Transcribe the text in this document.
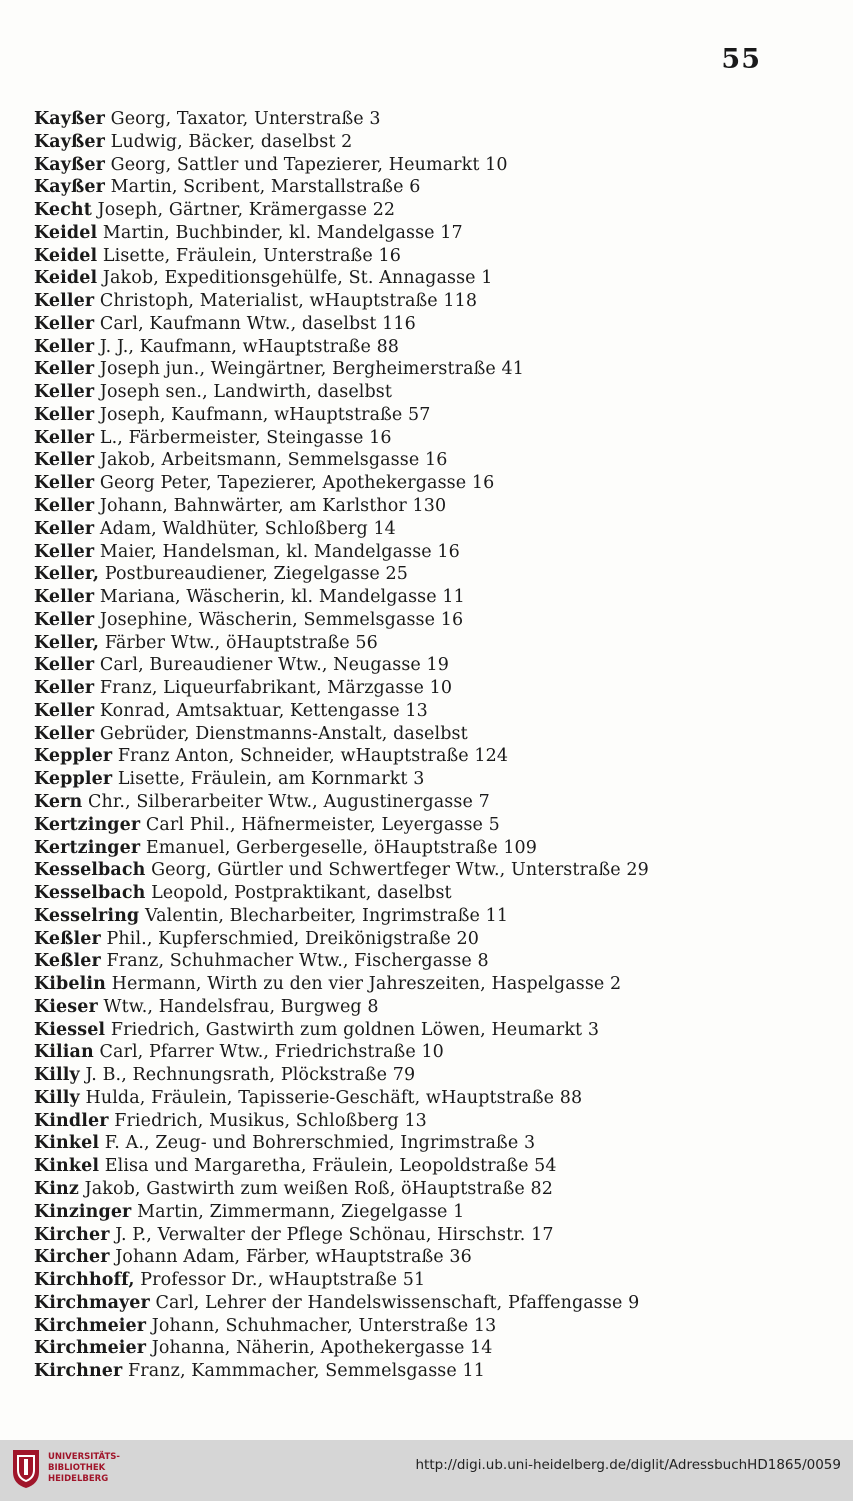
55
Kayßer Georg, Taxator, Unterstraße 3
Kayßer Ludwig, Bäcker, daselbst 2
Kayßer Georg, Sattler und Tapezierer, Heumarkt 10
Kayßer Martin, Scribent, Marstallstraße 6
Kecht Joseph, Gärtner, Krämergasse 22
Keidel Martin, Buchbinder, kl. Mandelgasse 17
Keidel Lisette, Fräulein, Unterstraße 16
Keidel Jakob, Expeditionsgehülfe, St. Annagasse 1
Keller Christoph, Materialist, wHauptstraße 118
Keller Carl, Kaufmann Wtw., daselbst 116
Keller J. J., Kaufmann, wHauptstraße 88
Keller Joseph jun., Weingärtner, Bergheimerstraße 41
Keller Joseph sen., Landwirth, daselbst
Keller Joseph, Kaufmann, wHauptstraße 57
Keller L., Färbermeister, Steingasse 16
Keller Jakob, Arbeitsmann, Semmelsgasse 16
Keller Georg Peter, Tapezierer, Apothekergasse 16
Keller Johann, Bahnwärter, am Karlsthor 130
Keller Adam, Waldhüter, Schloßberg 14
Keller Maier, Handelsman, kl. Mandelgasse 16
Keller, Postbureaudiener, Ziegelgasse 25
Keller Mariana, Wäscherin, kl. Mandelgasse 11
Keller Josephine, Wäscherin, Semmelsgasse 16
Keller, Färber Wtw., öHauptstraße 56
Keller Carl, Bureaudiener Wtw., Neugasse 19
Keller Franz, Liqueurfabrikant, Märzgasse 10
Keller Konrad, Amtsaktuar, Kettengasse 13
Keller Gebrüder, Dienstmanns-Anstalt, daselbst
Keppler Franz Anton, Schneider, wHauptstraße 124
Keppler Lisette, Fräulein, am Kornmarkt 3
Kern Chr., Silberarbeiter Wtw., Augustinergasse 7
Kertzinger Carl Phil., Häfnermeister, Leyergasse 5
Kertzinger Emanuel, Gerbergeselle, öHauptstraße 109
Kesselbach Georg, Gürtler und Schwertfeger Wtw., Unterstraße 29
Kesselbach Leopold, Postpraktikant, daselbst
Kesselring Valentin, Blecharbeiter, Ingrimstraße 11
Keßler Phil., Kupferschmied, Dreikönigstraße 20
Keßler Franz, Schuhmacher Wtw., Fischergasse 8
Kibelin Hermann, Wirth zu den vier Jahreszeiten, Haspelgasse 2
Kieser Wtw., Handelsfrau, Burgweg 8
Kiessel Friedrich, Gastwirth zum goldnen Löwen, Heumarkt 3
Kilian Carl, Pfarrer Wtw., Friedrichstraße 10
Killy J. B., Rechnungsrath, Plöckstraße 79
Killy Hulda, Fräulein, Tapisserie-Geschäft, wHauptstraße 88
Kindler Friedrich, Musikus, Schloßberg 13
Kinkel F. A., Zeug- und Bohrerschmied, Ingrimstraße 3
Kinkel Elisa und Margaretha, Fräulein, Leopoldstraße 54
Kinz Jakob, Gastwirth zum weißen Roß, öHauptstraße 82
Kinzinger Martin, Zimmermann, Ziegelgasse 1
Kircher J. P., Verwalter der Pflege Schönau, Hirschstr. 17
Kircher Johann Adam, Färber, wHauptstraße 36
Kirchhoff, Professor Dr., wHauptstraße 51
Kirchmayer Carl, Lehrer der Handelswissenschaft, Pfaffengasse 9
Kirchmeier Johann, Schuhmacher, Unterstraße 13
Kirchmeier Johanna, Näherin, Apothekergasse 14
Kirchner Franz, Kammmacher, Semmelsgasse 11
UNIVERSITÄTS-
BIBLIOTHEK
HEIDELBERG
http://digi.ub.uni-heidelberg.de/diglit/AdressbuchHD1865/0059
